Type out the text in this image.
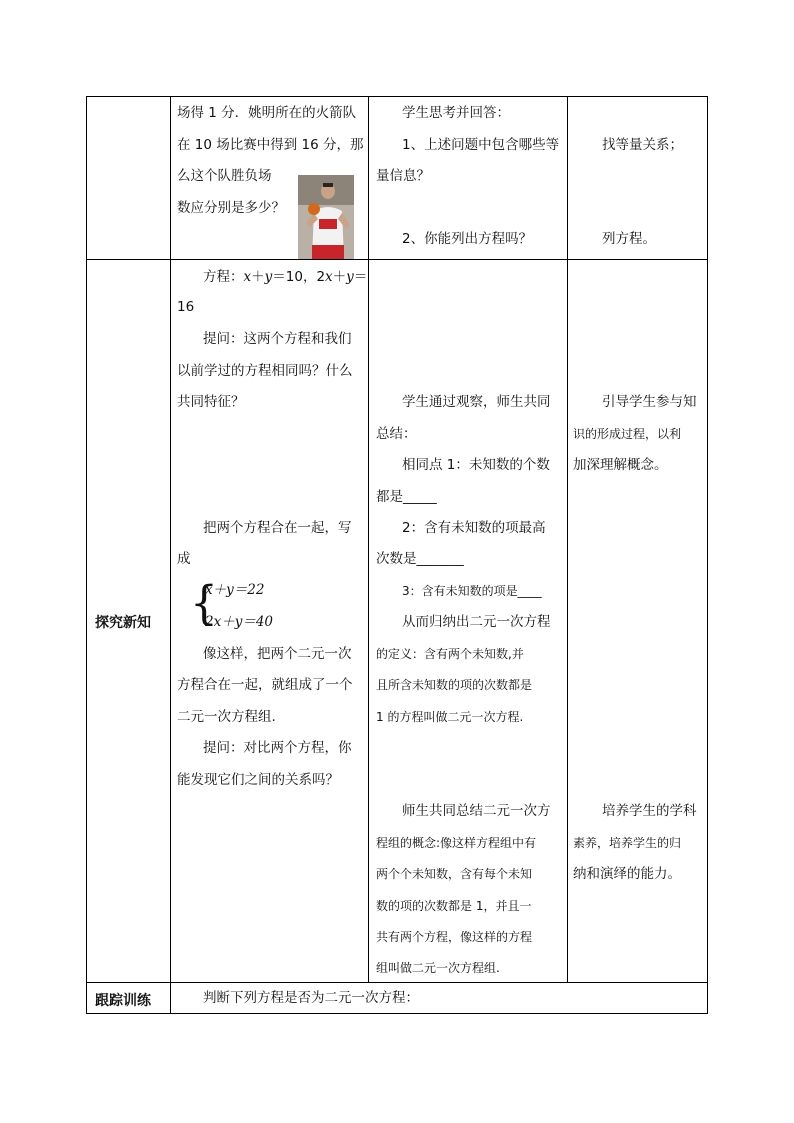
场得 1 分．姚明所在的火箭队
在 10 场比赛中得到 16 分，那
么这个队胜负场
数应分别是多少？
学生思考并回答：
1、上述问题中包含哪些等
量信息？
2、你能列出方程吗？
找等量关系；
列方程。
探究新知
方程：x＋y＝10，2x＋y＝
16
提问：这两个方程和我们
以前学过的方程相同吗？什么
共同特征？
把两个方程合在一起，写
成
{
x＋y＝22
2x＋y＝40
像这样，把两个二元一次
方程合在一起，就组成了一个
二元一次方程组.
提问：对比两个方程，你
能发现它们之间的关系吗？
学生通过观察，师生共同
总结：
相同点 1：未知数的个数
都是_____
2：含有未知数的项最高
次数是_______
3：含有未知数的项是____
从而归纳出二元一次方程
的定义：含有两个未知数,并
且所含未知数的项的次数都是
1 的方程叫做二元一次方程.
师生共同总结二元一次方
程组的概念:像这样方程组中有
两个个未知数，含有每个未知
数的项的次数都是 1，并且一
共有两个方程，像这样的方程
组叫做二元一次方程组.
引导学生参与知
识的形成过程，以利
加深理解概念。
培养学生的学科
素养，培养学生的归
纳和演绎的能力。
跟踪训练	判断下列方程是否为二元一次方程：
